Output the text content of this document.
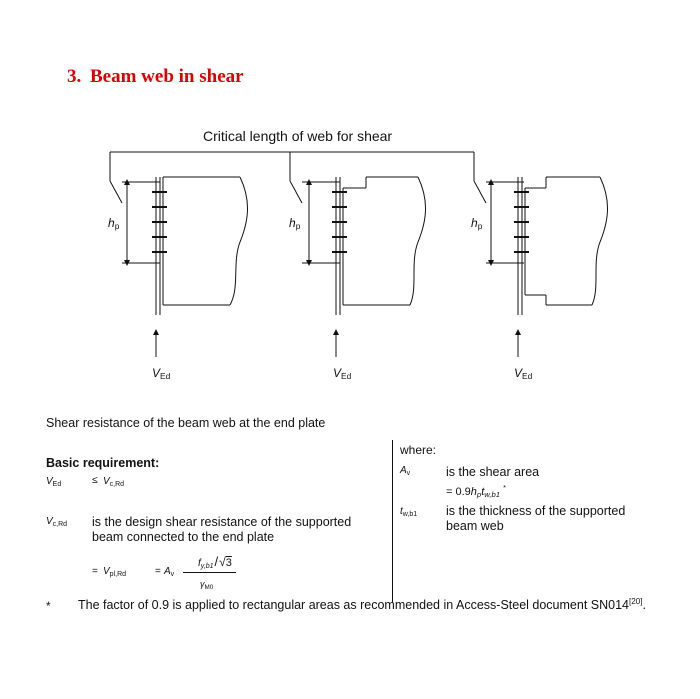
3. Beam web in shear
Critical length of web for shear
$h_p$	$h_p$	$h_p$
$V_{Ed}$	$V_{Ed}$	$V_{Ed}$
Shear resistance of the beam web at the end plate
Basic requirement:
$V_{Ed}$	≤ $V_{c,Rd}$
$V_{c,Rd}$ is the design shear resistance of the supported
beam connected to the end plate
= $V_{pl,Rd}$	= $A_v$
$f_{y,b1}/√3$
$\gamma_{M0}$
where:
$A_v$	is the shear area
= $0.9h_pt_{w,b1}^*$
$t_{w,b1}$ is the thickness of the supported
beam web
* The factor of 0.9 is applied to rectangular areas as recommended in Access-Steel document SN014[20].
